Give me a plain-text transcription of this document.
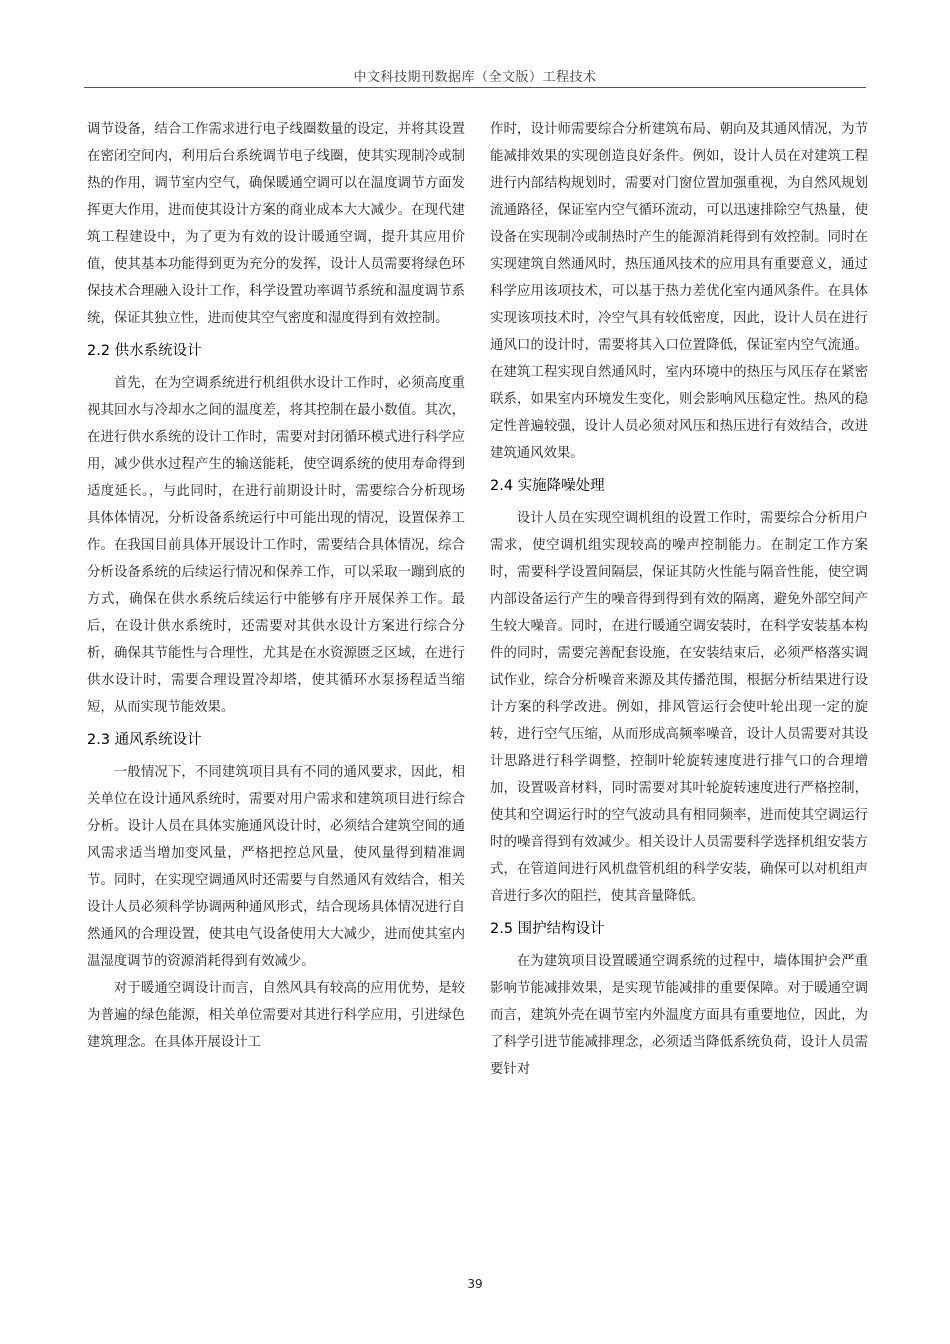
中文科技期刊数据库（全文版）工程技术

调节设备，结合工作需求进行电子线圈数量的设定，并将其设置在密闭空间内，利用后台系统调节电子线圈，使其实现制冷或制热的作用，调节室内空气，确保暖通空调可以在温度调节方面发挥更大作用，进而使其设计方案的商业成本大大减少。在现代建筑工程建设中，为了更为有效的设计暖通空调，提升其应用价值，使其基本功能得到更为充分的发挥，设计人员需要将绿色环保技术合理融入设计工作，科学设置功率调节系统和温度调节系统，保证其独立性，进而使其空气密度和湿度得到有效控制。

2.2 供水系统设计

首先，在为空调系统进行机组供水设计工作时，必须高度重视其回水与冷却水之间的温度差，将其控制在最小数值。其次，在进行供水系统的设计工作时，需要对封闭循环模式进行科学应用，减少供水过程产生的输送能耗，使空调系统的使用寿命得到适度延长。，与此同时，在进行前期设计时，需要综合分析现场具体体情况，分析设备系统运行中可能出现的情况，设置保养工作。在我国目前具体开展设计工作时，需要结合具体情况，综合分析设备系统的后续运行情况和保养工作，可以采取一蹦到底的方式，确保在供水系统后续运行中能够有序开展保养工作。最后，在设计供水系统时，还需要对其供水设计方案进行综合分析，确保其节能性与合理性，尤其是在水资源匮乏区域，在进行供水设计时，需要合理设置冷却塔，使其循环水泵扬程适当缩短，从而实现节能效果。

2.3 通风系统设计

一般情况下，不同建筑项目具有不同的通风要求，因此，相关单位在设计通风系统时，需要对用户需求和建筑项目进行综合分析。设计人员在具体实施通风设计时，必须结合建筑空间的通风需求适当增加变风量，严格把控总风量，使风量得到精准调节。同时，在实现空调通风时还需要与自然通风有效结合，相关设计人员必须科学协调两种通风形式，结合现场具体情况进行自然通风的合理设置，使其电气设备使用大大减少，进而使其室内温湿度调节的资源消耗得到有效减少。

对于暖通空调设计而言，自然风具有较高的应用优势，是较为普遍的绿色能源，相关单位需要对其进行科学应用，引进绿色建筑理念。在具体开展设计工

作时，设计师需要综合分析建筑布局、朝向及其通风情况，为节能减排效果的实现创造良好条件。例如，设计人员在对建筑工程进行内部结构规划时，需要对门窗位置加强重视，为自然风规划流通路径，保证室内空气循环流动，可以迅速排除空气热量，使设备在实现制冷或制热时产生的能源消耗得到有效控制。同时在实现建筑自然通风时，热压通风技术的应用具有重要意义，通过科学应用该项技术，可以基于热力差优化室内通风条件。在具体实现该项技术时，冷空气具有较低密度，因此，设计人员在进行通风口的设计时，需要将其入口位置降低，保证室内空气流通。在建筑工程实现自然通风时，室内环境中的热压与风压存在紧密联系，如果室内环境发生变化，则会影响风压稳定性。热风的稳定性普遍较强，设计人员必须对风压和热压进行有效结合，改进建筑通风效果。

2.4 实施降噪处理

设计人员在实现空调机组的设置工作时，需要综合分析用户需求，使空调机组实现较高的噪声控制能力。在制定工作方案时，需要科学设置间隔层，保证其防火性能与隔音性能，使空调内部设备运行产生的噪音得到得到有效的隔离，避免外部空间产生较大噪音。同时，在进行暖通空调安装时，在科学安装基本构件的同时，需要完善配套设施，在安装结束后，必须严格落实调试作业，综合分析噪音来源及其传播范围，根据分析结果进行设计方案的科学改进。例如，排风管运行会使叶轮出现一定的旋转，进行空气压缩，从而形成高频率噪音，设计人员需要对其设计思路进行科学调整，控制叶轮旋转速度进行排气口的合理增加，设置吸音材料，同时需要对其叶轮旋转速度进行严格控制，使其和空调运行时的空气波动具有相同频率，进而使其空调运行时的噪音得到有效减少。相关设计人员需要科学选择机组安装方式，在管道间进行风机盘管机组的科学安装，确保可以对机组声音进行多次的阻拦，使其音量降低。

2.5 围护结构设计

在为建筑项目设置暖通空调系统的过程中，墙体围护会严重影响节能减排效果，是实现节能减排的重要保障。对于暖通空调而言，建筑外壳在调节室内外温度方面具有重要地位，因此，为了科学引进节能减排理念，必须适当降低系统负荷，设计人员需要针对

39
